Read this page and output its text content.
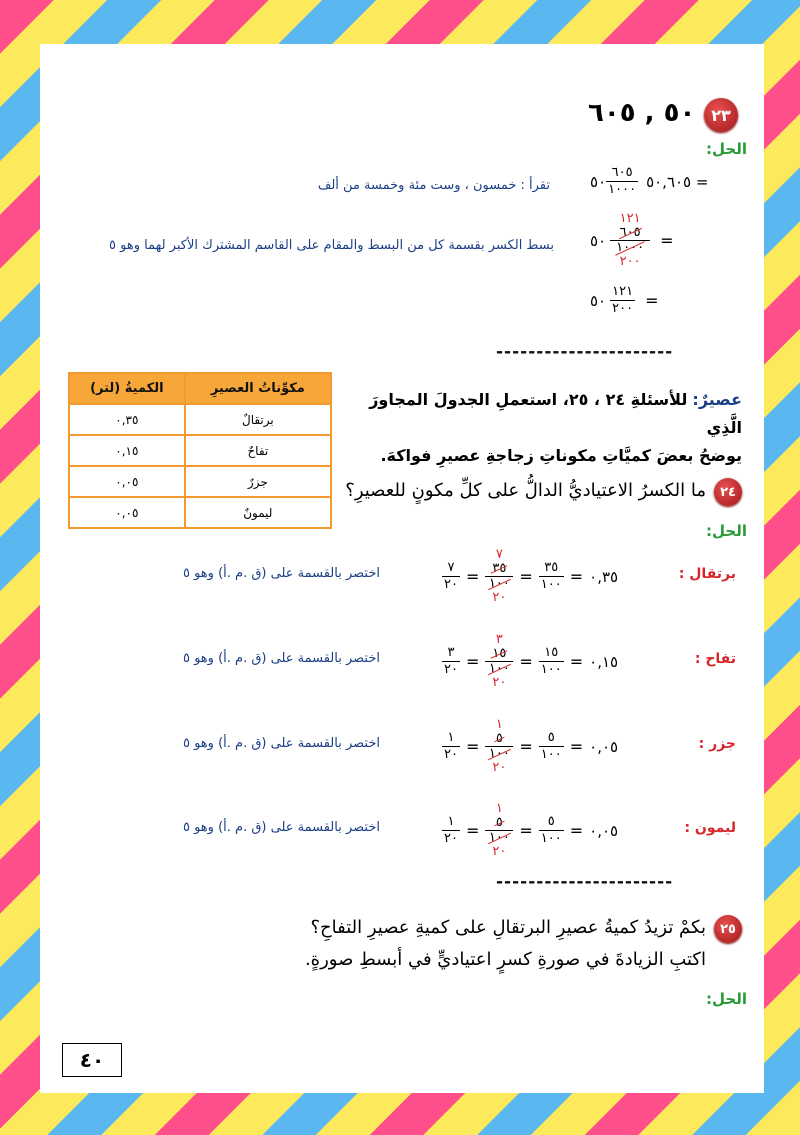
٢٣
٥٠ , ٦٠٥
الحل:
٥٠ $\frac{٦٠٥}{١٠٠٠}$ ٥٠,٦٠٥ =
تقرأ : خمسون ، وست مئة وخمسة من ألف
٥٠
١٢١
٦٠٥
١٠٠٠
٢٠٠
=
بسط الكسر بقسمة كل من البسط والمقام على القاسم المشترك الأكبر لهما وهو ٥
٥٠ $\frac{١٢١}{٢٠٠}$ =
----------------------
عصيرٌ: للأسئلةِ ٢٤ ، ٢٥، استعملِ الجدولَ المجاورَ الَّذِي
يوضحُ بعضَ كميَّاتِ مكوناتِ زجاجةِ عصيرِ فواكهَ.
مكوِّناتُ العصيرِ	الكميةُ (لتر)
برتقالٌ	٠,٣٥
تفاحٌ	٠,١٥
جزرٌ	٠,٠٥
ليمونٌ	٠,٠٥
٢٤
ما الكسرُ الاعتياديُّ الدالُّ على كلِّ مكونٍ للعصيرِ؟
الحل:
برتقال :
$\frac{٧}{٢٠}$ =
٧
٣٥
١٠٠
٢٠
= $\frac{٣٥}{١٠٠}$ = ٠,٣٥
اختصر بالقسمة على (ق .م .أ) وهو ٥
تفاح :
$\frac{٣}{٢٠}$ =
٣
١٥
١٠٠
٢٠
= $\frac{١٥}{١٠٠}$ = ٠,١٥
اختصر بالقسمة على (ق .م .أ) وهو ٥
جزر :
$\frac{١}{٢٠}$ =
١
٥
١٠٠
٢٠
= $\frac{٥}{١٠٠}$ = ٠,٠٥
اختصر بالقسمة على (ق .م .أ) وهو ٥
ليمون :
$\frac{١}{٢٠}$ =
١
٥
١٠٠
٢٠
= $\frac{٥}{١٠٠}$ = ٠,٠٥
اختصر بالقسمة على (ق .م .أ) وهو ٥
----------------------
٢٥
بكمْ تزيدُ كميةُ عصيرِ البرتقالِ على كميةِ عصيرِ التفاحِ؟
اكتبِ الزيادةَ في صورةِ كسرٍ اعتياديٍّ في أبسطِ صورةٍ.
الحل:
٤٠
